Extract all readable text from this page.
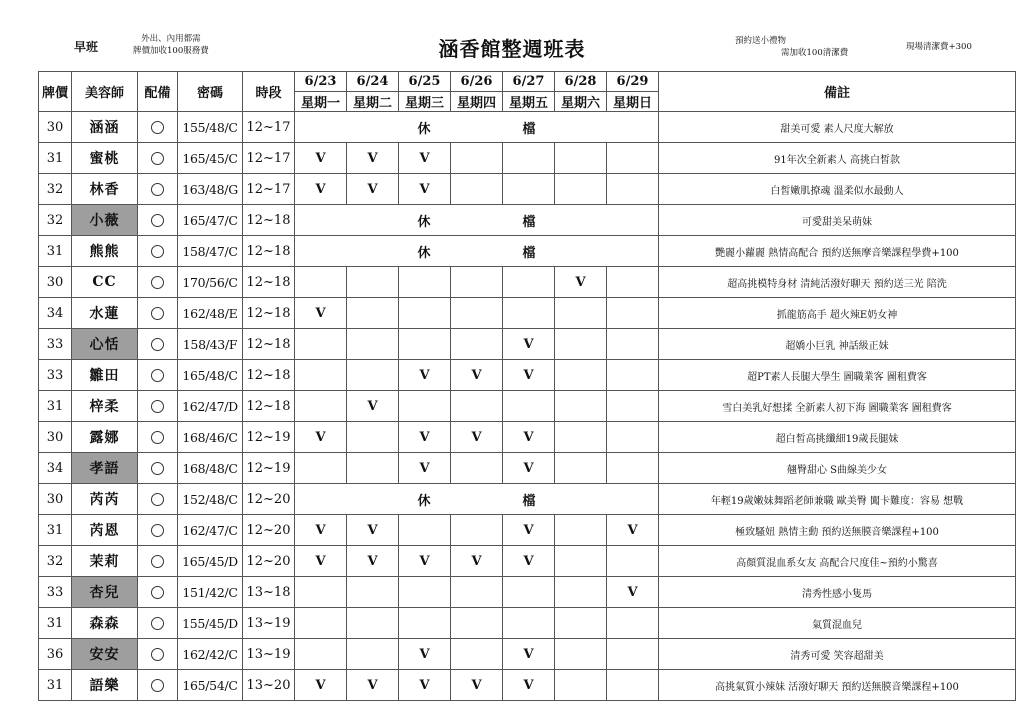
早班
外出、內用都需
牌價加收100服務費	涵香館整週班表	預約送小禮物
需加收100清潔費
現場清潔費+300
牌價	美容師	配備	密碼	時段	6/23	6/24	6/25	6/26	6/27	6/28	6/29	備註
					星期一	星期二	星期三	星期四	星期五	星期六	星期日	
30	涵涵		155/48/C	12~17	休 檔							甜美可愛 素人尺度大解放
31	蜜桃		165/45/C	12~17	V	V	V					91年次全新素人 高挑白皙款
32	林香		163/48/G	12~17	V	V	V					白皙嫩肌撩魂 溫柔似水最動人
32	小薇		165/47/C	12~18	休 檔							可愛甜美呆萌妹
31	熊熊		158/47/C	12~18	休 檔							艷麗小蘿麗 熱情高配合 預約送無摩音樂課程學費+100
30	CC		170/56/C	12~18						V		超高挑模特身材 清純活潑好聊天 預約送三光 陪洗
34	水蓮		162/48/E	12~18	V							抓龍筋高手 超火辣E奶女神
33	心恬		158/43/F	12~18					V			超嬌小巨乳 神話級正妹
33	雛田		165/48/C	12~18			V	V	V			超PT素人長腿大學生 圖職業客 圖租費客
31	梓柔		162/47/D	12~18		V						雪白美乳好想揉 全新素人初下海 圖職業客 圖租費客
30	露娜		168/46/C	12~19	V		V	V	V			超白皙高挑纖細19歲長腿妹
34	孝語		168/48/C	12~19			V		V			翹臀甜心 S曲線美少女
30	芮芮		152/48/C	12~20	休 檔							年輕19歲嫩妹舞蹈老師兼職 歐美臀 闖卡難度：容易 想戰
31	芮恩		162/47/C	12~20	V	V			V		V	極致騷妞 熱情主動 預約送無膜音樂課程+100
32	茉莉		165/45/D	12~20	V	V	V	V	V			高顏質混血系女友 高配合尺度佳~預約小驚喜
33	杏兒		151/42/C	13~18							V	清秀性感小隻馬
31	森森		155/45/D	13~19								氣質混血兒
36	安安		162/42/C	13~19			V		V			清秀可愛 笑容超甜美
31	語樂		165/54/C	13~20	V	V	V	V	V			高挑氣質小辣妹 活潑好聊天 預約送無膜音樂課程+100
